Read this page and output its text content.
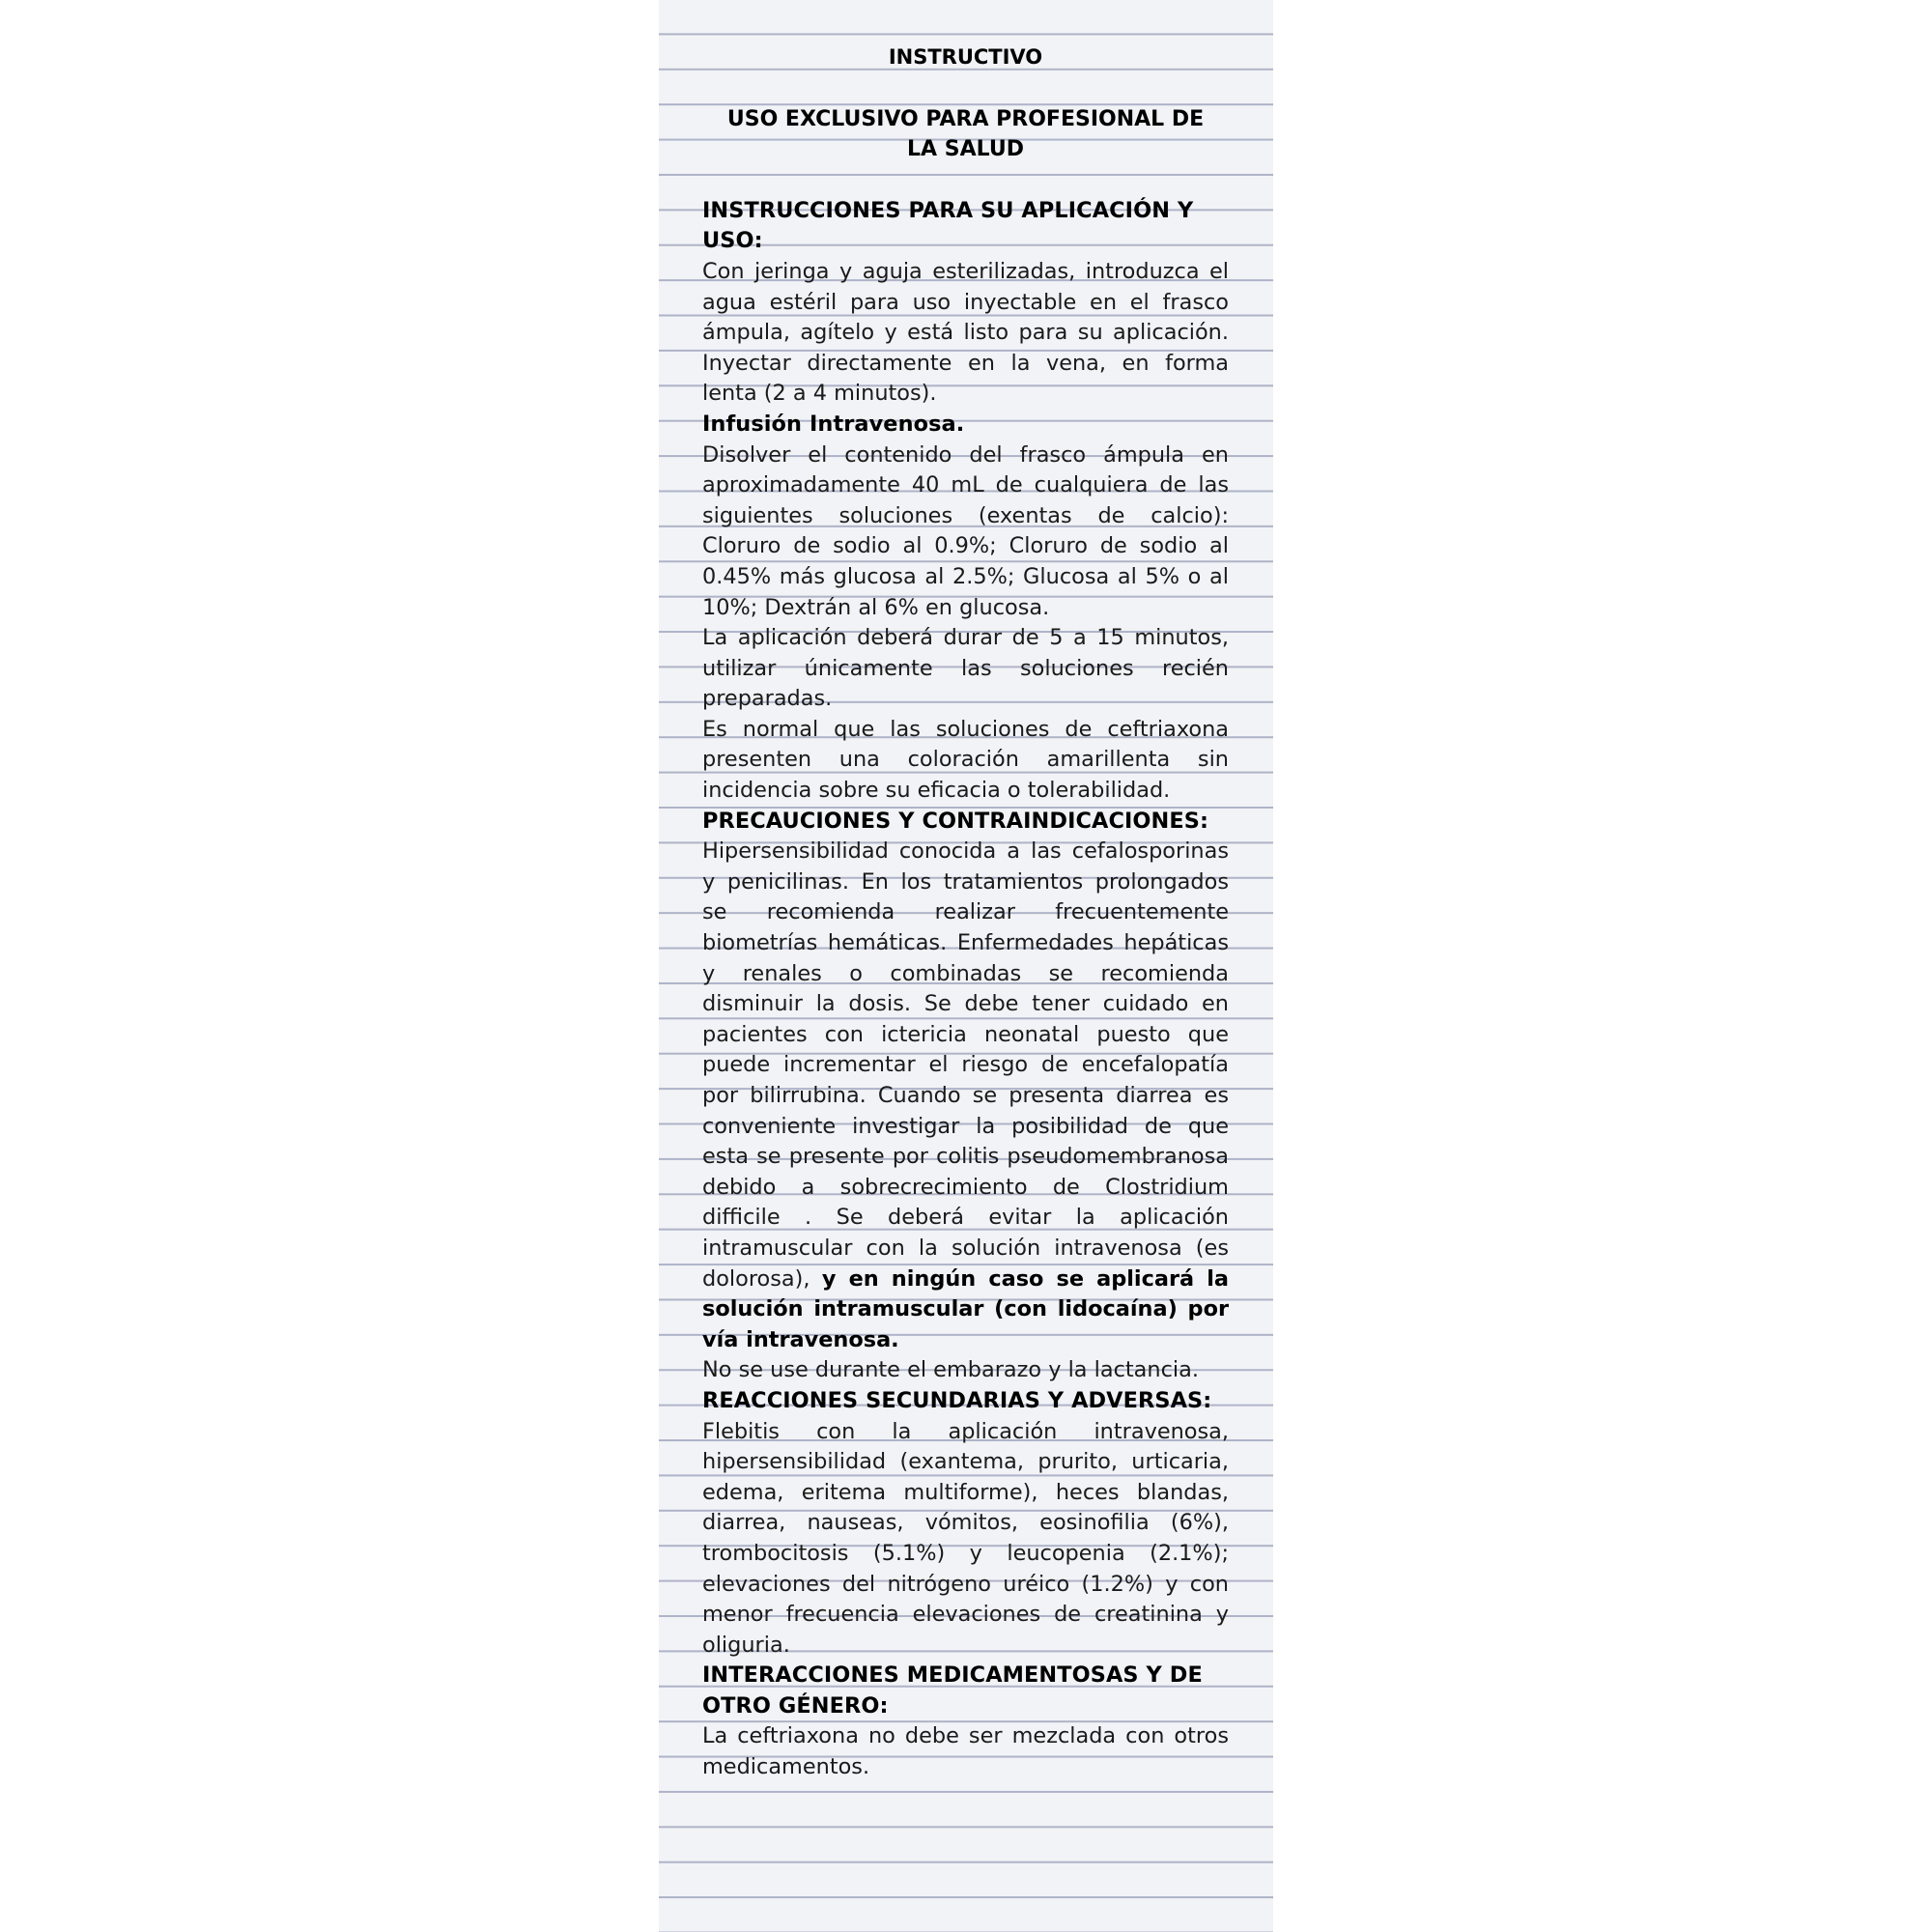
INSTRUCTIVO
USO EXCLUSIVO PARA PROFESIONAL DE LA SALUD
INSTRUCCIONES PARA SU APLICACIÓN Y USO:
Con jeringa y aguja esterilizadas, introduzca el agua estéril para uso inyectable en el frasco ámpula, agítelo y está listo para su aplicación. Inyectar directamente en la vena, en forma lenta (2 a 4 minutos).
Infusión Intravenosa.
Disolver el contenido del frasco ámpula en aproximadamente 40 mL de cualquiera de las siguientes soluciones (exentas de calcio): Cloruro de sodio al 0.9%; Cloruro de sodio al 0.45% más glucosa al 2.5%; Glucosa al 5% o al 10%; Dextrán al 6% en glucosa.
La aplicación deberá durar de 5 a 15 minutos, utilizar únicamente las soluciones recién preparadas.
Es normal que las soluciones de ceftriaxona presenten una coloración amarillenta sin incidencia sobre su eficacia o tolerabilidad.
PRECAUCIONES Y CONTRAINDICACIONES:
Hipersensibilidad conocida a las cefalosporinas y penicilinas. En los tratamientos prolongados se recomienda realizar frecuentemente biometrías hemáticas. Enfermedades hepáticas y renales o combinadas se recomienda disminuir la dosis. Se debe tener cuidado en pacientes con ictericia neonatal puesto que puede incrementar el riesgo de encefalopatía por bilirrubina. Cuando se presenta diarrea es conveniente investigar la posibilidad de que esta se presente por colitis pseudomembranosa debido a sobrecrecimiento de Clostridium difficile . Se deberá evitar la aplicación intramuscular con la solución intravenosa (es dolorosa), y en ningún caso se aplicará la solución intramuscular (con lidocaína) por vía intravenosa.
No se use durante el embarazo y la lactancia.
REACCIONES SECUNDARIAS Y ADVERSAS:
Flebitis con la aplicación intravenosa, hipersensibilidad (exantema, prurito, urticaria, edema, eritema multiforme), heces blandas, diarrea, nauseas, vómitos, eosinofilia (6%), trombocitosis (5.1%) y leucopenia (2.1%); elevaciones del nitrógeno uréico (1.2%) y con menor frecuencia elevaciones de creatinina y oliguria.
INTERACCIONES MEDICAMENTOSAS Y DE OTRO GÉNERO:
La ceftriaxona no debe ser mezclada con otros medicamentos.
